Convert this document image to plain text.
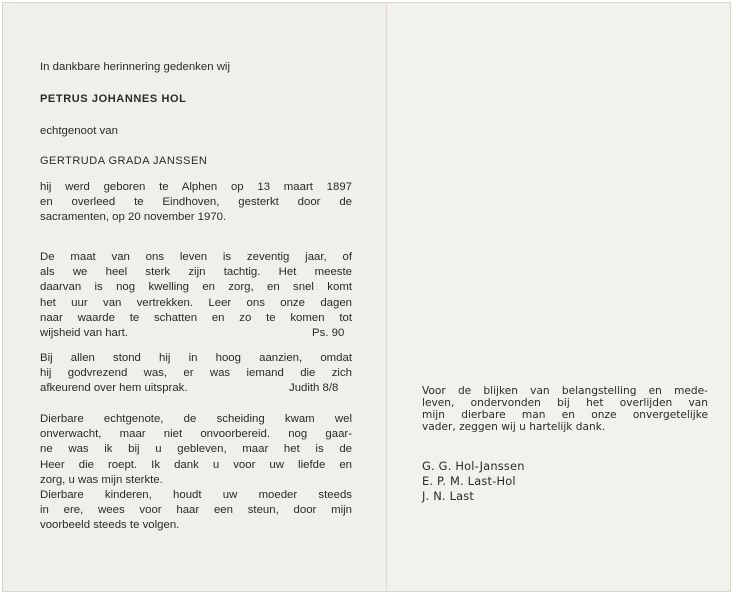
In dankbare herinnering gedenken wij
PETRUS JOHANNES HOL
echtgenoot van
GERTRUDA GRADA JANSSEN
hij werd geboren te Alphen op 13 maart 1897
en overleed te Eindhoven, gesterkt door de
sacramenten, op 20 november 1970.
De maat van ons leven is zeventig jaar, of
als we heel sterk zijn tachtig. Het meeste
daarvan is nog kwelling en zorg, en snel komt
het uur van vertrekken. Leer ons onze dagen
naar waarde te schatten en zo te komen tot
wijsheid van hart.	Ps. 90
Bij allen stond hij in hoog aanzien, omdat
hij godvrezend was, er was iemand die zich
afkeurend over hem uitsprak.	Judith 8/8
Dierbare echtgenote, de scheiding kwam wel
onverwacht, maar niet onvoorbereid. nog gaar-
ne was ik bij u gebleven, maar het is de
Heer die roept. Ik dank u voor uw liefde en
zorg, u was mijn sterkte.
Dierbare kinderen, houdt uw moeder steeds
in ere, wees voor haar een steun, door mijn
voorbeeld steeds te volgen.
Voor de blijken van belangstelling en mede-
leven, ondervonden bij het overlijden van
mijn dierbare man en onze onvergetelijke
vader, zeggen wij u hartelijk dank.
G. G. Hol-Janssen
E. P. M. Last-Hol
J. N. Last
